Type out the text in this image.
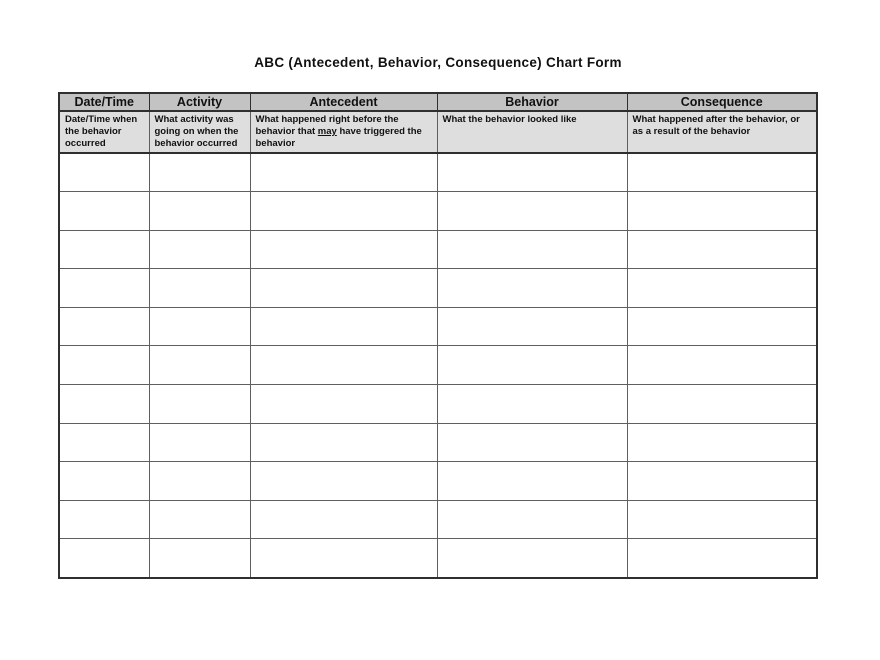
ABC (Antecedent, Behavior, Consequence) Chart Form
Date/Time	Activity	Antecedent	Behavior	Consequence
Date/Time when the behavior occurred	What activity was going on when the behavior occurred	What happened right before the behavior that may have triggered the behavior	What the behavior looked like	What happened after the behavior, or as a result of the behavior
